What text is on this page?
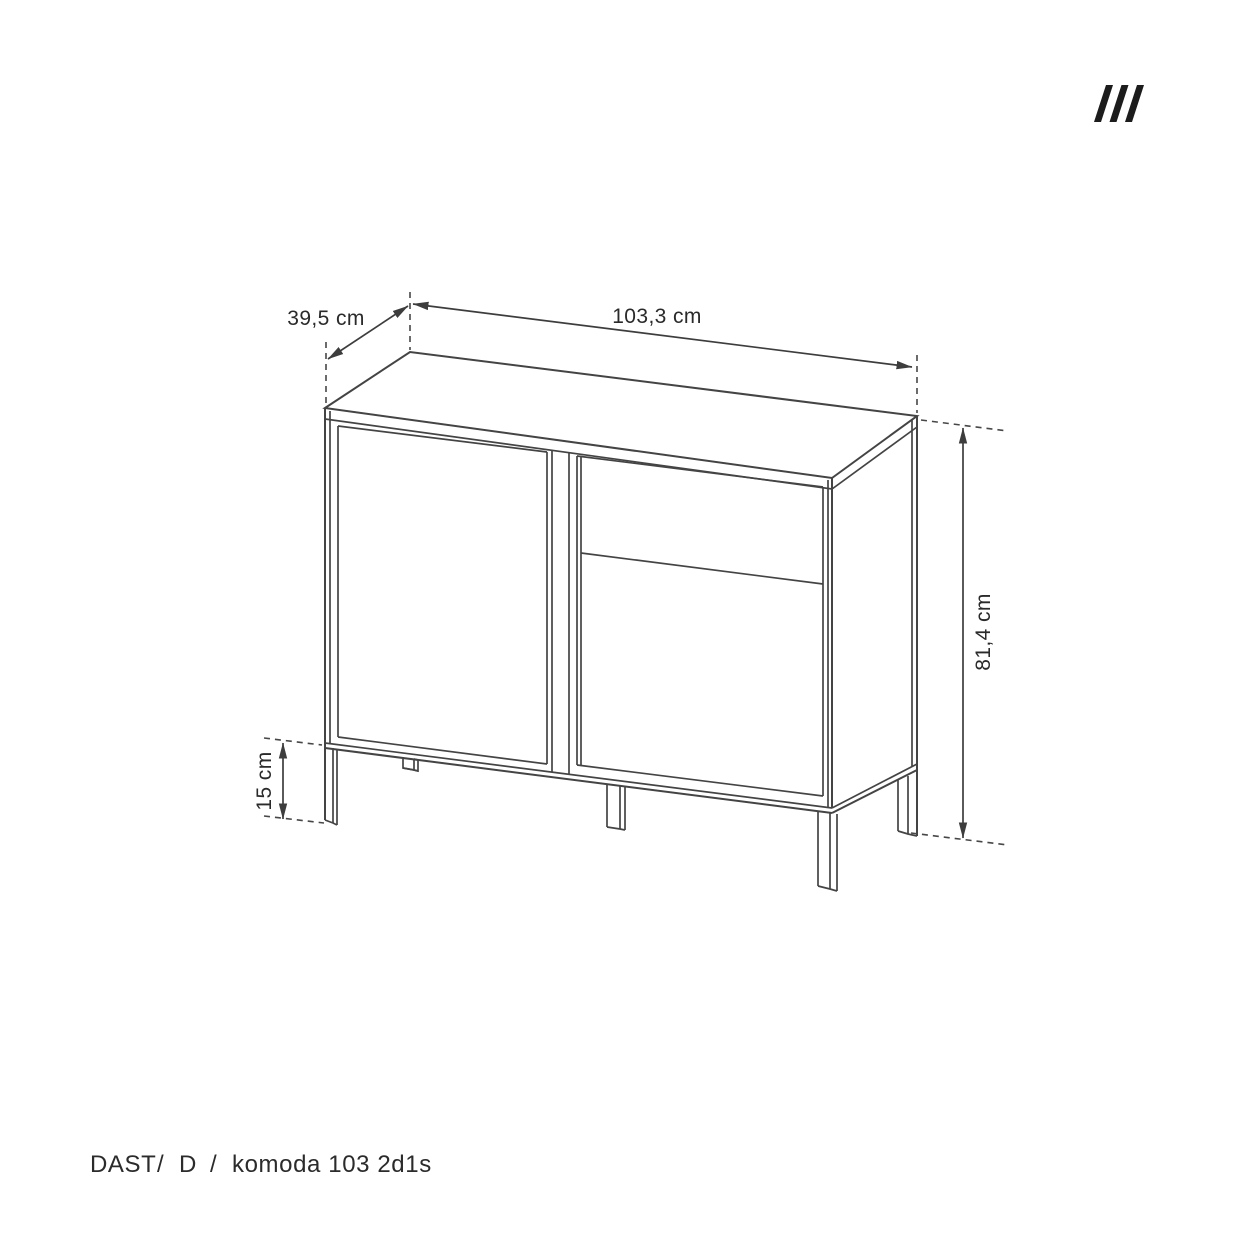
103,3 cm
39,5 cm
81,4 cm
15 cm
DAST / D / komoda 103 2d1s
